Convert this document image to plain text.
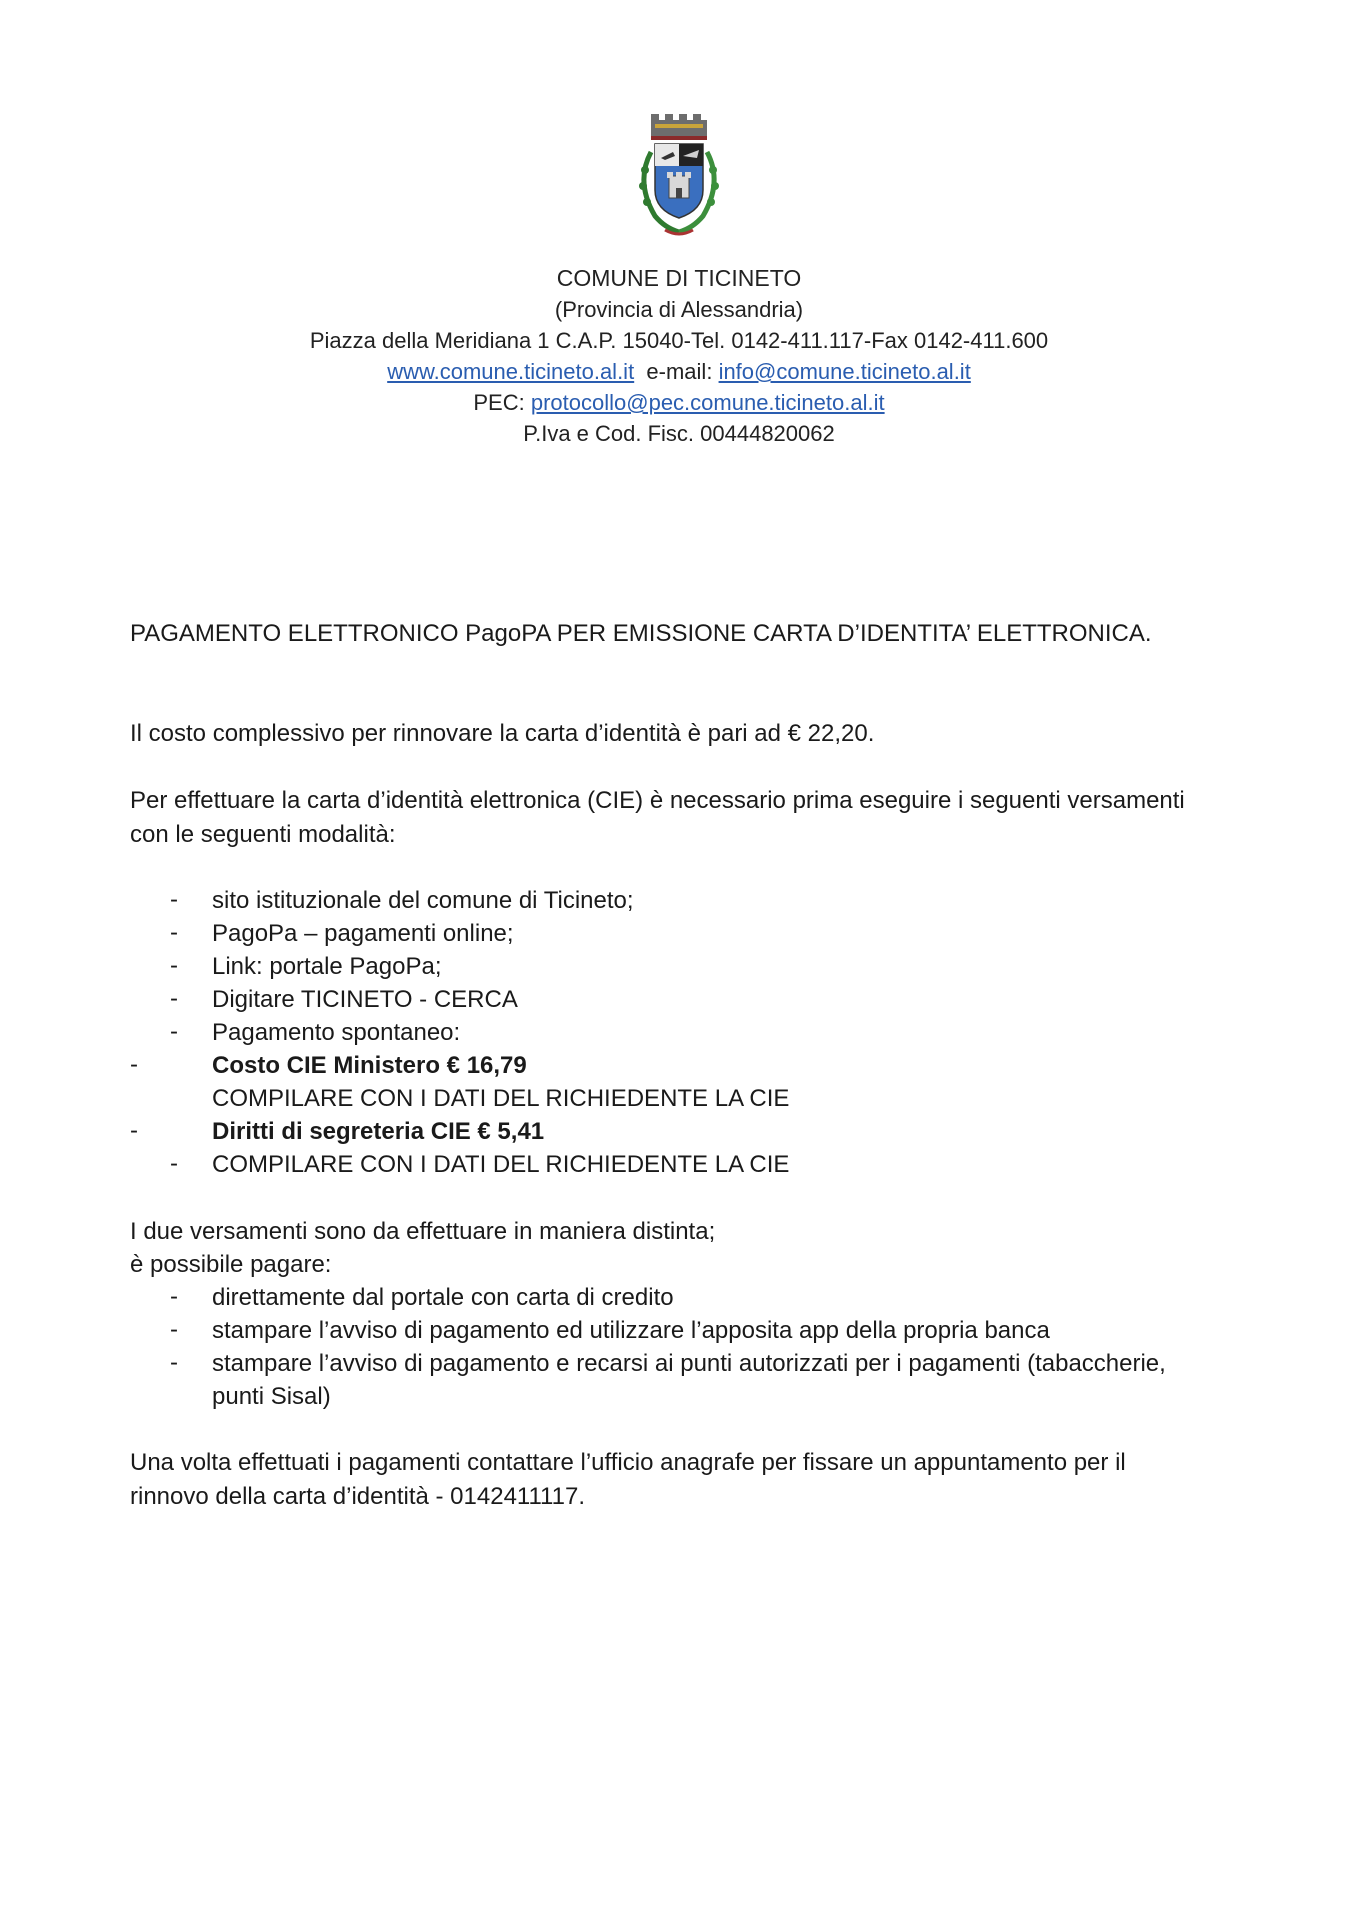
COMUNE DI TICINETO
(Provincia di Alessandria)
Piazza della Meridiana 1 C.A.P. 15040-Tel. 0142-411.117-Fax 0142-411.600
www.comune.ticineto.al.it e-mail: info@comune.ticineto.al.it
PEC: protocollo@pec.comune.ticineto.al.it
P.Iva e Cod. Fisc. 00444820062
PAGAMENTO ELETTRONICO PagoPA PER EMISSIONE CARTA D’IDENTITA’ ELETTRONICA.
Il costo complessivo per rinnovare la carta d’identità è pari ad € 22,20.
Per effettuare la carta d’identità elettronica (CIE) è necessario prima eseguire i seguenti versamenti
con le seguenti modalità:
- sito istituzionale del comune di Ticineto;
- PagoPa – pagamenti online;
- Link: portale PagoPa;
- Digitare TICINETO - CERCA
- Pagamento spontaneo:
-	Costo CIE Ministero € 16,79
COMPILARE CON I DATI DEL RICHIEDENTE LA CIE
-	Diritti di segreteria CIE € 5,41
- COMPILARE CON I DATI DEL RICHIEDENTE LA CIE
I due versamenti sono da effettuare in maniera distinta;
è possibile pagare:
- direttamente dal portale con carta di credito
- stampare l’avviso di pagamento ed utilizzare l’apposita app della propria banca
- stampare l’avviso di pagamento e recarsi ai punti autorizzati per i pagamenti (tabaccherie,
punti Sisal)
Una volta effettuati i pagamenti contattare l’ufficio anagrafe per fissare un appuntamento per il
rinnovo della carta d’identità - 0142411117.
